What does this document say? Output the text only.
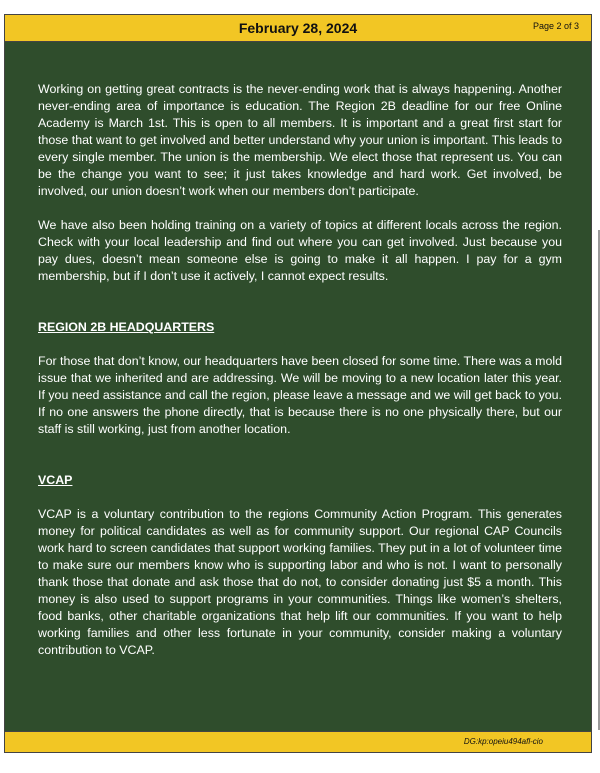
February 28, 2024	Page 2 of 3

Working on getting great contracts is the never-ending work that is always happening. Another never-ending area of importance is education. The Region 2B deadline for our free Online Academy is March 1st. This is open to all members. It is important and a great first start for those that want to get involved and better understand why your union is important. This leads to every single member. The union is the membership. We elect those that represent us. You can be the change you want to see; it just takes knowledge and hard work. Get involved, be involved, our union doesn’t work when our members don’t participate.

We have also been holding training on a variety of topics at different locals across the region. Check with your local leadership and find out where you can get involved. Just because you pay dues, doesn’t mean someone else is going to make it all happen. I pay for a gym membership, but if I don’t use it actively, I cannot expect results.

REGION 2B HEADQUARTERS

For those that don’t know, our headquarters have been closed for some time. There was a mold issue that we inherited and are addressing. We will be moving to a new location later this year. If you need assistance and call the region, please leave a message and we will get back to you. If no one answers the phone directly, that is because there is no one physically there, but our staff is still working, just from another location.

VCAP

VCAP is a voluntary contribution to the regions Community Action Program. This generates money for political candidates as well as for community support. Our regional CAP Councils work hard to screen candidates that support working families. They put in a lot of volunteer time to make sure our members know who is supporting labor and who is not. I want to personally thank those that donate and ask those that do not, to consider donating just $5 a month. This money is also used to support programs in your communities. Things like women’s shelters, food banks, other charitable organizations that help lift our communities. If you want to help working families and other less fortunate in your community, consider making a voluntary contribution to VCAP.

DG:kp:opeiu494afl-cio
